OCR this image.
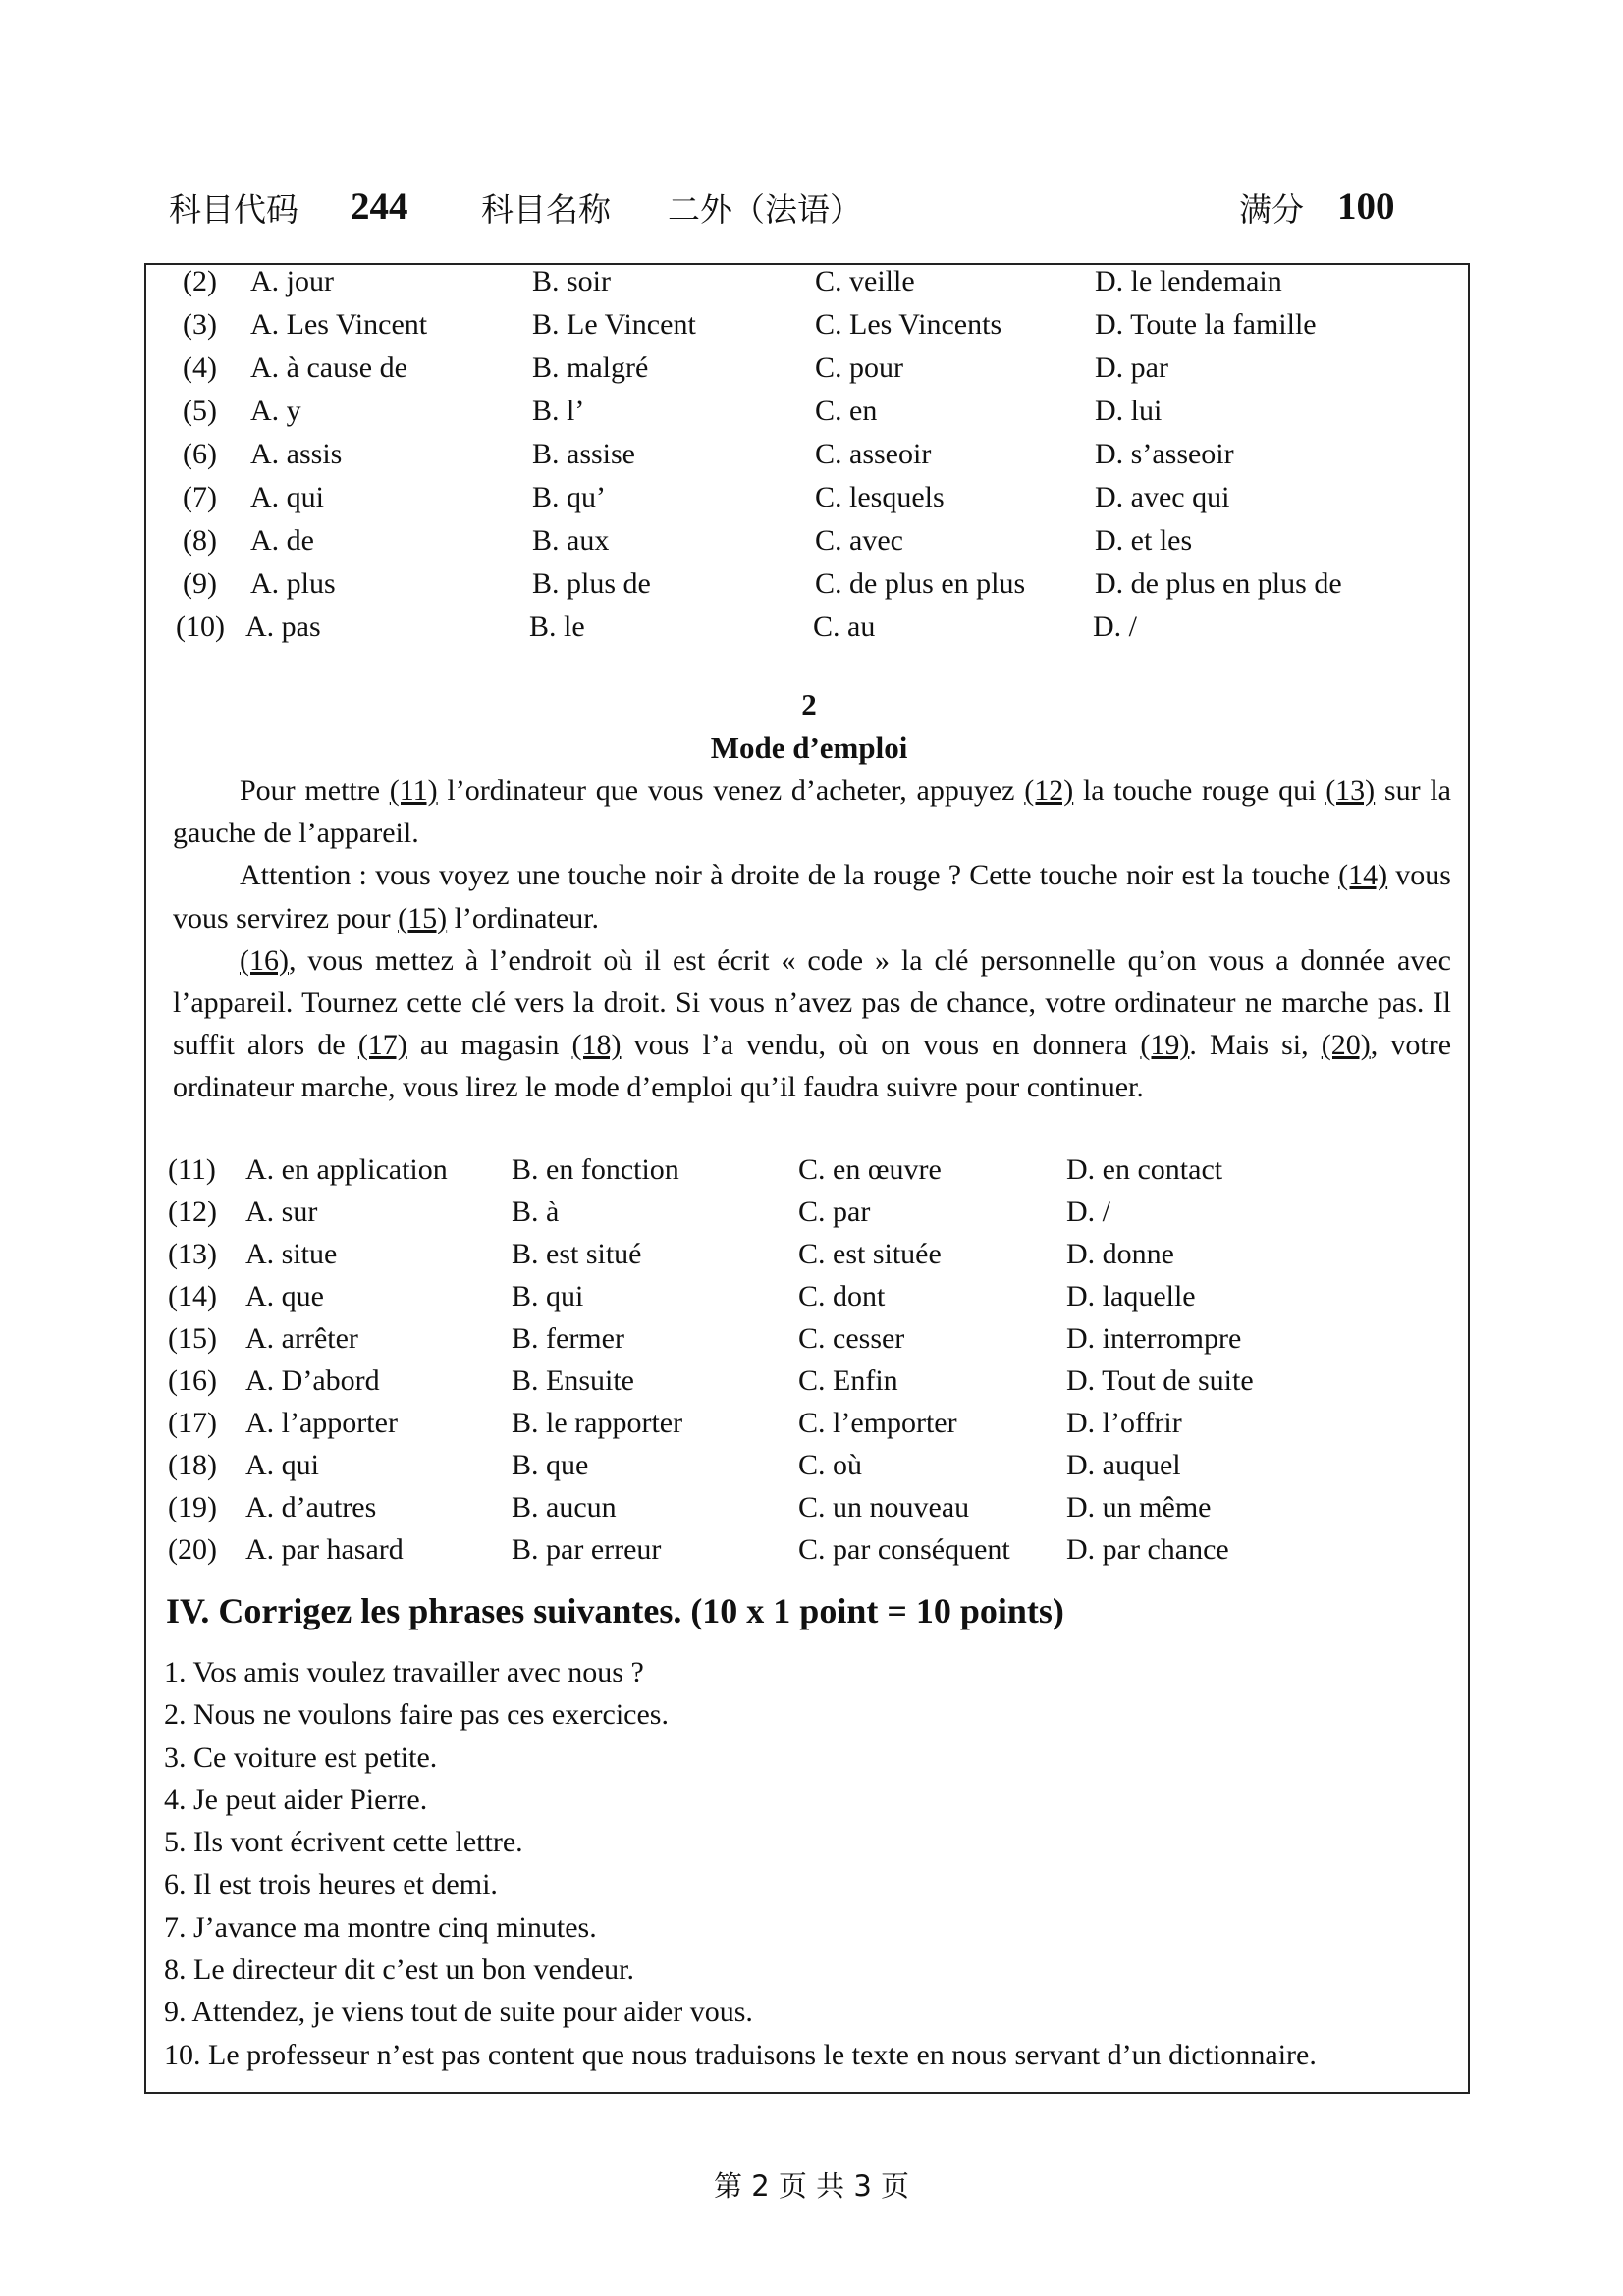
科目代码 244 科目名称 二外（法语）	满分 100
(2) A. jour	B. soir	C. veille	D. le lendemain
(3) A. Les Vincent	B. Le Vincent	C. Les Vincents	D. Toute la famille
(4) A. à cause de	B. malgré	C. pour	D. par
(5) A. y	B. l’	C. en	D. lui
(6) A. assis	B. assise	C. asseoir	D. s’asseoir
(7) A. qui	B. qu’	C. lesquels	D. avec qui
(8) A. de	B. aux	C. avec	D. et les
(9) A. plus	B. plus de	C. de plus en plus D. de plus en plus de
(10) A. pas	B. le	C. au	D. /
2
Mode d’emploi

Pour mettre (11) l’ordinateur que vous venez d’acheter, appuyez (12) la touche rouge qui (13) sur la gauche de l’appareil.

Attention : vous voyez une touche noir à droite de la rouge ? Cette touche noir est la touche (14) vous vous servirez pour (15) l’ordinateur.

(16), vous mettez à l’endroit où il est écrit « code » la clé personnelle qu’on vous a donnée avec l’appareil. Tournez cette clé vers la droit. Si vous n’avez pas de chance, votre ordinateur ne marche pas. Il suffit alors de (17) au magasin (18) vous l’a vendu, où on vous en donnera (19). Mais si, (20), votre ordinateur marche, vous lirez le mode d’emploi qu’il faudra suivre pour continuer.

(11) A. en application B. en fonction	C. en œuvre	D. en contact
(12) A. sur	B. à	C. par	D. /
(13) A. situe	B. est situé	C. est située	D. donne
(14) A. que	B. qui	C. dont	D. laquelle
(15) A. arrêter	B. fermer	C. cesser	D. interrompre
(16) A. D’abord	B. Ensuite	C. Enfin	D. Tout de suite
(17) A. l’apporter	B. le rapporter	C. l’emporter	D. l’offrir
(18) A. qui	B. que	C. où	D. auquel
(19) A. d’autres	B. aucun	C. un nouveau	D. un même
(20) A. par hasard	B. par erreur	C. par conséquent D. par chance
IV. Corrigez les phrases suivantes. (10 x 1 point = 10 points)
1. Vos amis voulez travailler avec nous ?
2. Nous ne voulons faire pas ces exercices.
3. Ce voiture est petite.
4. Je peut aider Pierre.
5. Ils vont écrivent cette lettre.
6. Il est trois heures et demi.
7. J’avance ma montre cinq minutes.
8. Le directeur dit c’est un bon vendeur.
9. Attendez, je viens tout de suite pour aider vous.
10. Le professeur n’est pas content que nous traduisons le texte en nous servant d’un dictionnaire.
第 2 页 共 3 页
